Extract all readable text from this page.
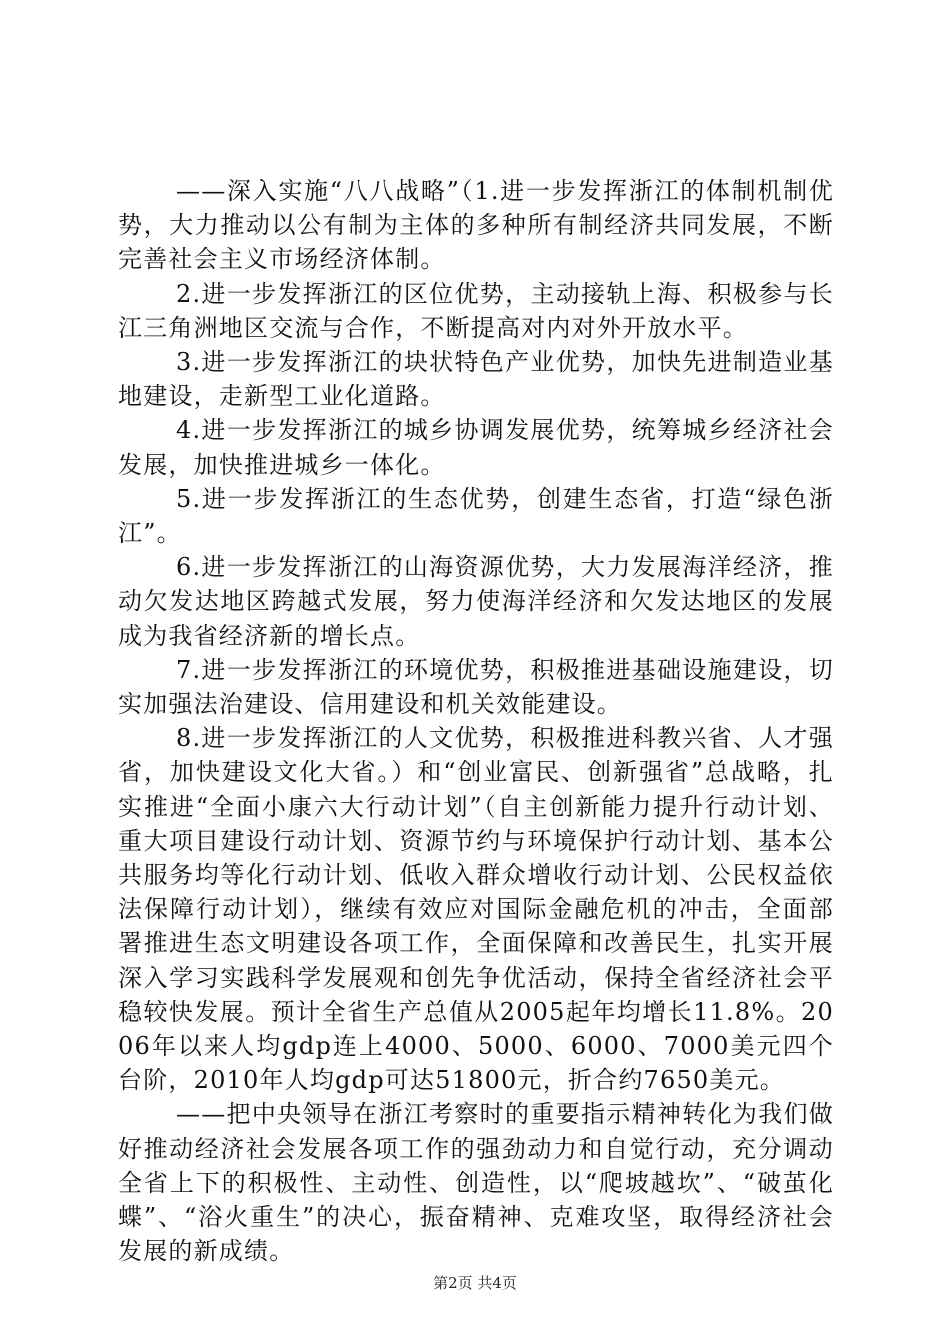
——深入实施“八八战略”（1.进一步发挥浙江的体制机制优势，大力推动以公有制为主体的多种所有制经济共同发展，不断完善社会主义市场经济体制。

2.进一步发挥浙江的区位优势，主动接轨上海、积极参与长江三角洲地区交流与合作，不断提高对内对外开放水平。

3.进一步发挥浙江的块状特色产业优势，加快先进制造业基地建设，走新型工业化道路。

4.进一步发挥浙江的城乡协调发展优势，统筹城乡经济社会发展，加快推进城乡一体化。

5.进一步发挥浙江的生态优势，创建生态省，打造“绿色浙江”。

6.进一步发挥浙江的山海资源优势，大力发展海洋经济，推动欠发达地区跨越式发展，努力使海洋经济和欠发达地区的发展成为我省经济新的增长点。

7.进一步发挥浙江的环境优势，积极推进基础设施建设，切实加强法治建设、信用建设和机关效能建设。

8.进一步发挥浙江的人文优势，积极推进科教兴省、人才强省，加快建设文化大省。）和“创业富民、创新强省”总战略，扎实推进“全面小康六大行动计划”（自主创新能力提升行动计划、重大项目建设行动计划、资源节约与环境保护行动计划、基本公共服务均等化行动计划、低收入群众增收行动计划、公民权益依法保障行动计划），继续有效应对国际金融危机的冲击，全面部署推进生态文明建设各项工作，全面保障和改善民生，扎实开展深入学习实践科学发展观和创先争优活动，保持全省经济社会平稳较快发展。预计全省生产总值从2005起年均增长11.8%。2006年以来人均gdp连上4000、5000、6000、7000美元四个台阶，2010年人均gdp可达51800元，折合约7650美元。

——把中央领导在浙江考察时的重要指示精神转化为我们做好推动经济社会发展各项工作的强劲动力和自觉行动，充分调动全省上下的积极性、主动性、创造性，以“爬坡越坎”、“破茧化蝶”、“浴火重生”的决心，振奋精神、克难攻坚，取得经济社会发展的新成绩。

第2页 共4页
